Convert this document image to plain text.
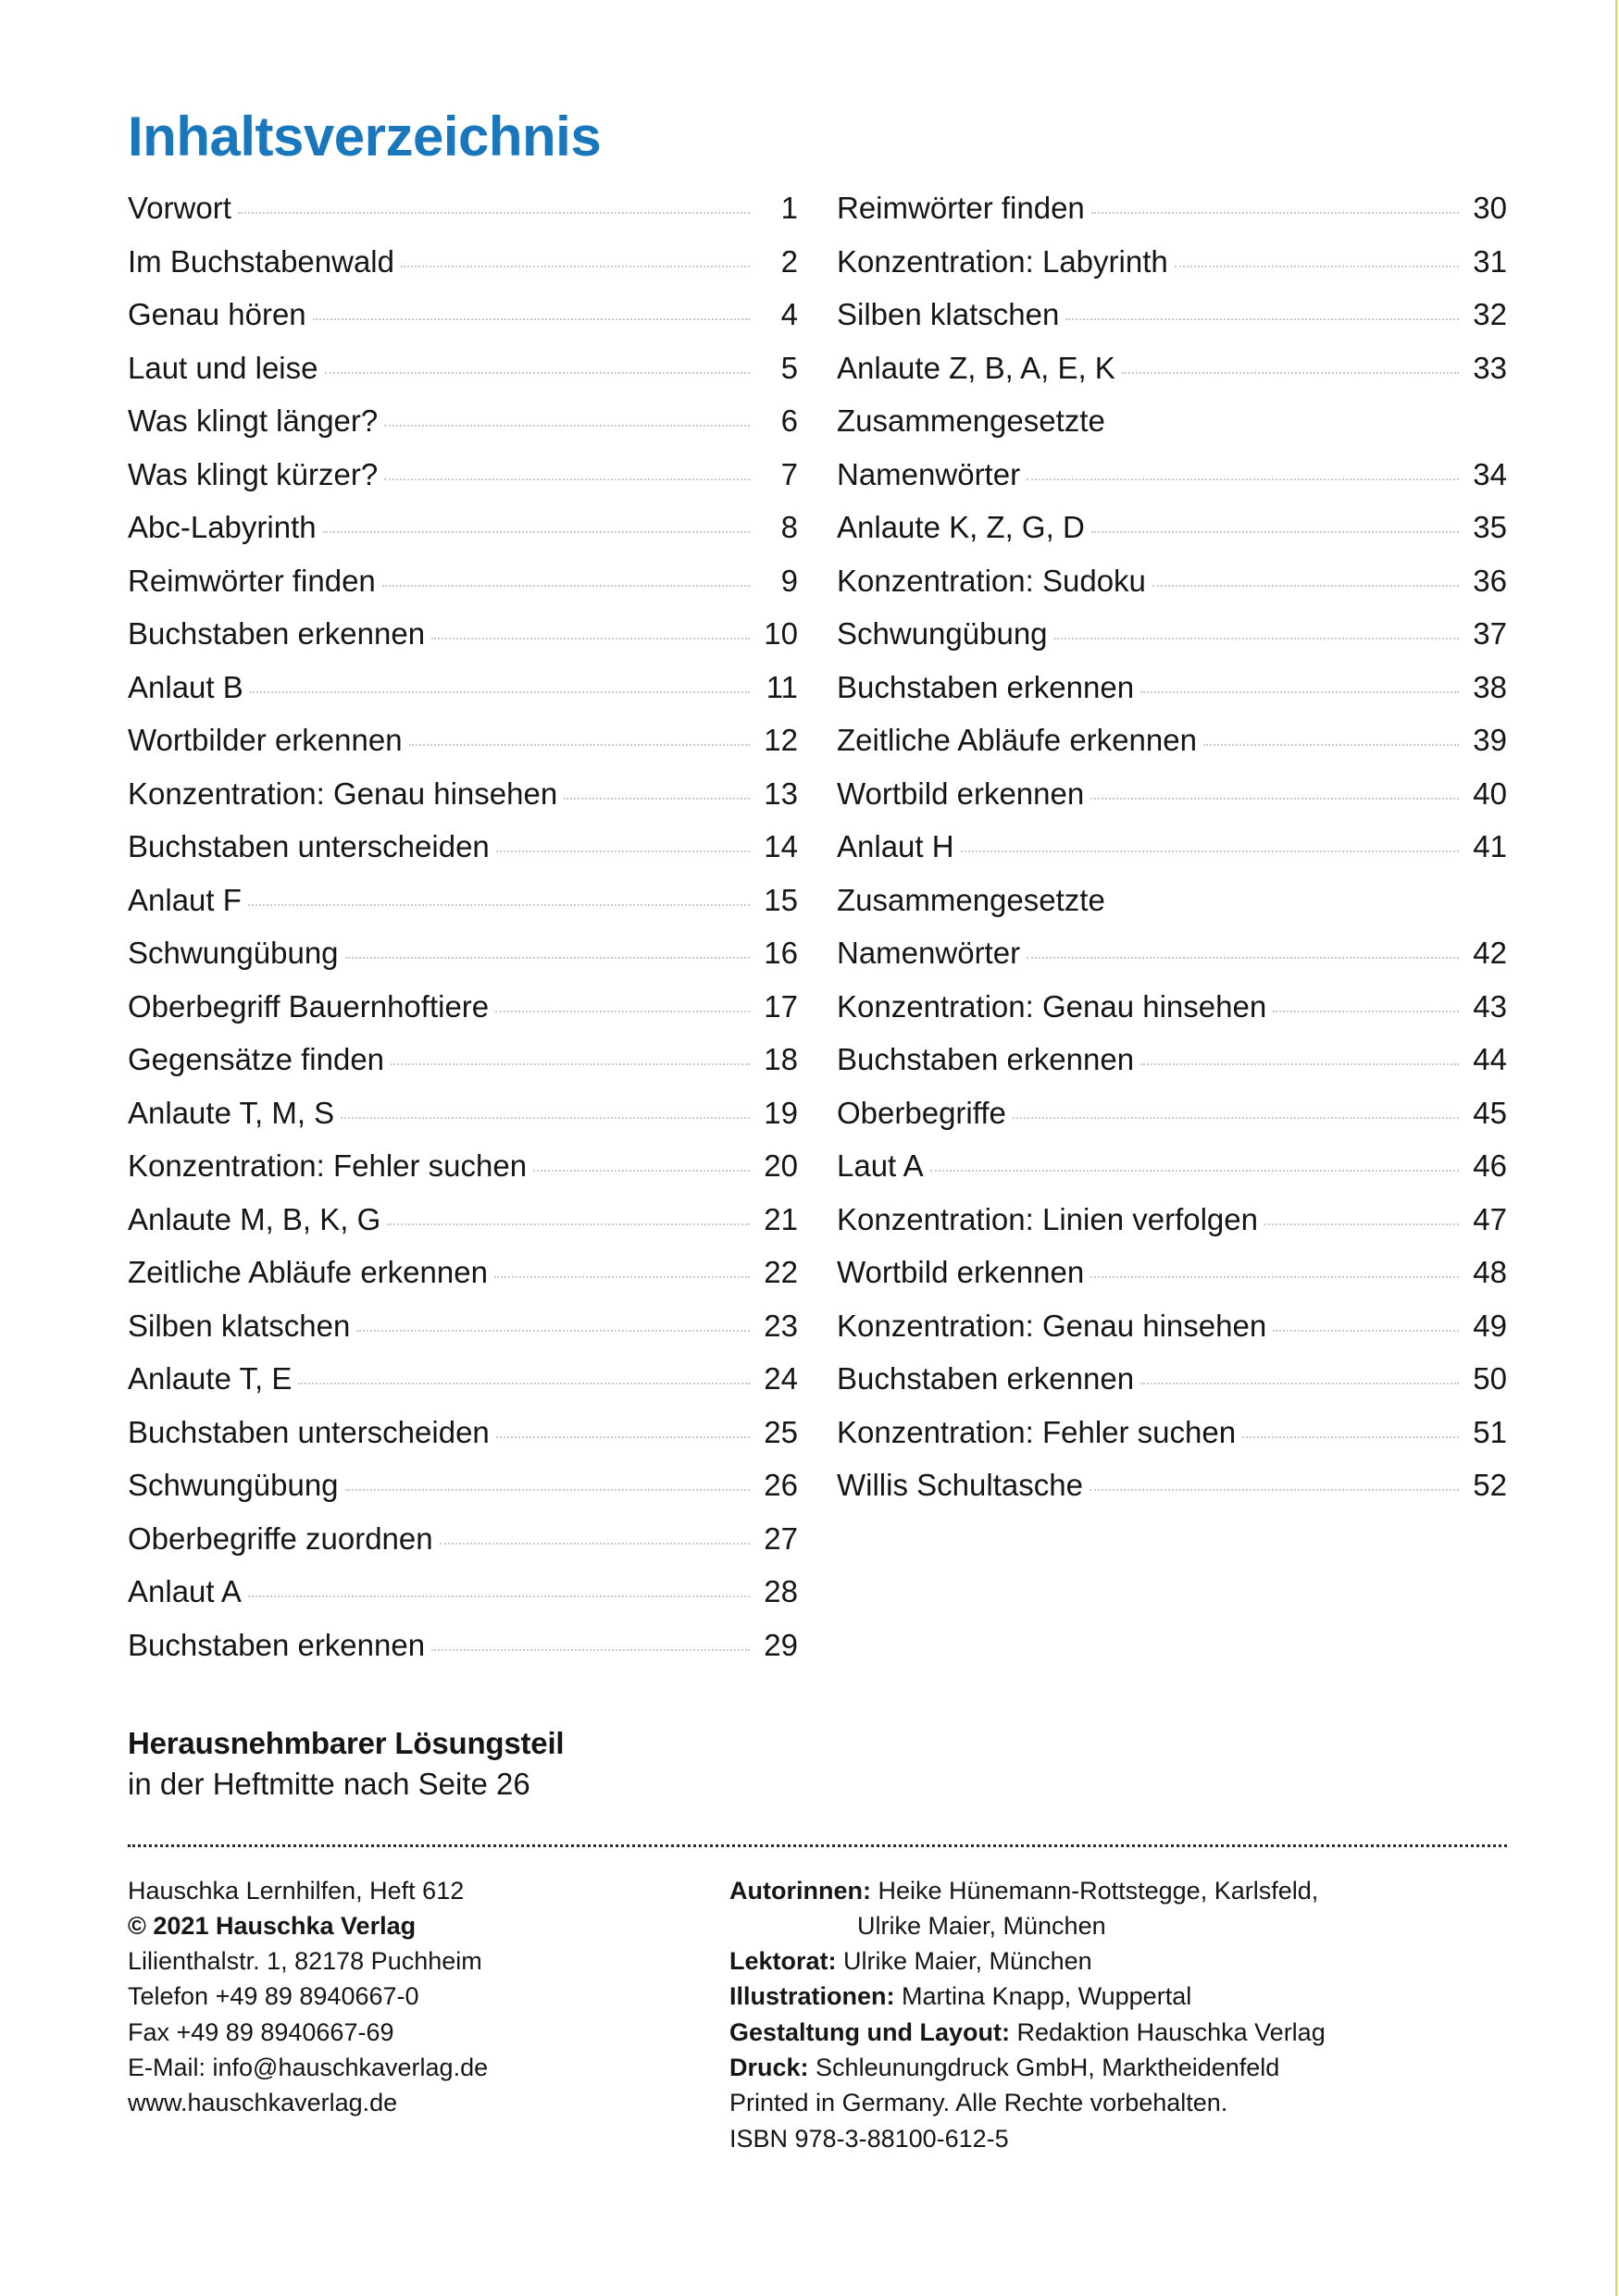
Inhaltsverzeichnis
Vorwort	1
Im Buchstabenwald	2
Genau hören	4
Laut und leise	5
Was klingt länger?	6
Was klingt kürzer?	7
Abc-Labyrinth	8
Reimwörter finden	9
Buchstaben erkennen	10
Anlaut B	11
Wortbilder erkennen	12
Konzentration: Genau hinsehen	13
Buchstaben unterscheiden	14
Anlaut F	15
Schwungübung	16
Oberbegriff Bauernhoftiere	17
Gegensätze finden	18
Anlaute T, M, S	19
Konzentration: Fehler suchen	20
Anlaute M, B, K, G	21
Zeitliche Abläufe erkennen	22
Silben klatschen	23
Anlaute T, E	24
Buchstaben unterscheiden	25
Schwungübung	26
Oberbegriffe zuordnen	27
Anlaut A	28
Buchstaben erkennen	29
Reimwörter finden	30
Konzentration: Labyrinth	31
Silben klatschen	32
Anlaute Z, B, A, E, K	33
Zusammengesetzte
Namenwörter	34
Anlaute K, Z, G, D	35
Konzentration: Sudoku	36
Schwungübung	37
Buchstaben erkennen	38
Zeitliche Abläufe erkennen	39
Wortbild erkennen	40
Anlaut H	41
Zusammengesetzte
Namenwörter	42
Konzentration: Genau hinsehen	43
Buchstaben erkennen	44
Oberbegriffe	45
Laut A	46
Konzentration: Linien verfolgen	47
Wortbild erkennen	48
Konzentration: Genau hinsehen	49
Buchstaben erkennen	50
Konzentration: Fehler suchen	51
Willis Schultasche	52
Herausnehmbarer Lösungsteil
in der Heftmitte nach Seite 26
Hauschka Lernhilfen, Heft 612
© 2021 Hauschka Verlag
Lilienthalstr. 1, 82178 Puchheim
Telefon +49 89 8940667-0
Fax +49 89 8940667-69
E-Mail: info@hauschkaverlag.de
www.hauschkaverlag.de
Autorinnen: Heike Hünemann-Rottstegge, Karlsfeld,
Ulrike Maier, München
Lektorat: Ulrike Maier, München
Illustrationen: Martina Knapp, Wuppertal
Gestaltung und Layout: Redaktion Hauschka Verlag
Druck: Schleunungdruck GmbH, Marktheidenfeld
Printed in Germany. Alle Rechte vorbehalten.
ISBN 978-3-88100-612-5
